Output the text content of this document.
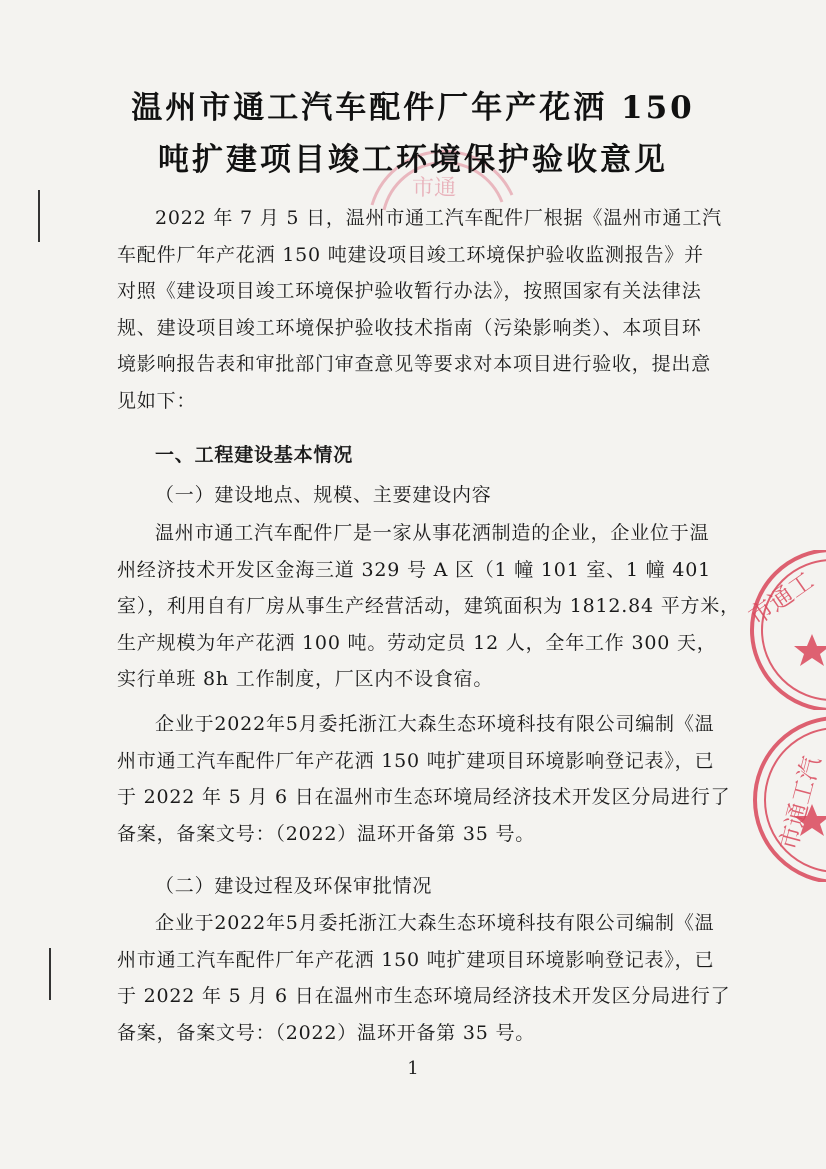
市通
市通工
市通工汽
温州市通工汽车配件厂年产花洒 150
吨扩建项目竣工环境保护验收意见
2022 年 7 月 5 日，温州市通工汽车配件厂根据《温州市通工汽
车配件厂年产花洒 150 吨建设项目竣工环境保护验收监测报告》并
对照《建设项目竣工环境保护验收暂行办法》，按照国家有关法律法
规、建设项目竣工环境保护验收技术指南（污染影响类）、本项目环
境影响报告表和审批部门审查意见等要求对本项目进行验收，提出意
见如下：
一、工程建设基本情况
（一）建设地点、规模、主要建设内容
温州市通工汽车配件厂是一家从事花洒制造的企业，企业位于温
州经济技术开发区金海三道 329 号 A 区（1 幢 101 室、1 幢 401
室），利用自有厂房从事生产经营活动，建筑面积为 1812.84 平方米，
生产规模为年产花洒 100 吨。劳动定员 12 人，全年工作 300 天，
实行单班 8h 工作制度，厂区内不设食宿。
企业于2022年5月委托浙江大森生态环境科技有限公司编制《温
州市通工汽车配件厂年产花洒 150 吨扩建项目环境影响登记表》，已
于 2022 年 5 月 6 日在温州市生态环境局经济技术开发区分局进行了
备案，备案文号：（2022）温环开备第 35 号。
（二）建设过程及环保审批情况
企业于2022年5月委托浙江大森生态环境科技有限公司编制《温
州市通工汽车配件厂年产花洒 150 吨扩建项目环境影响登记表》，已
于 2022 年 5 月 6 日在温州市生态环境局经济技术开发区分局进行了
备案，备案文号：（2022）温环开备第 35 号。
1
